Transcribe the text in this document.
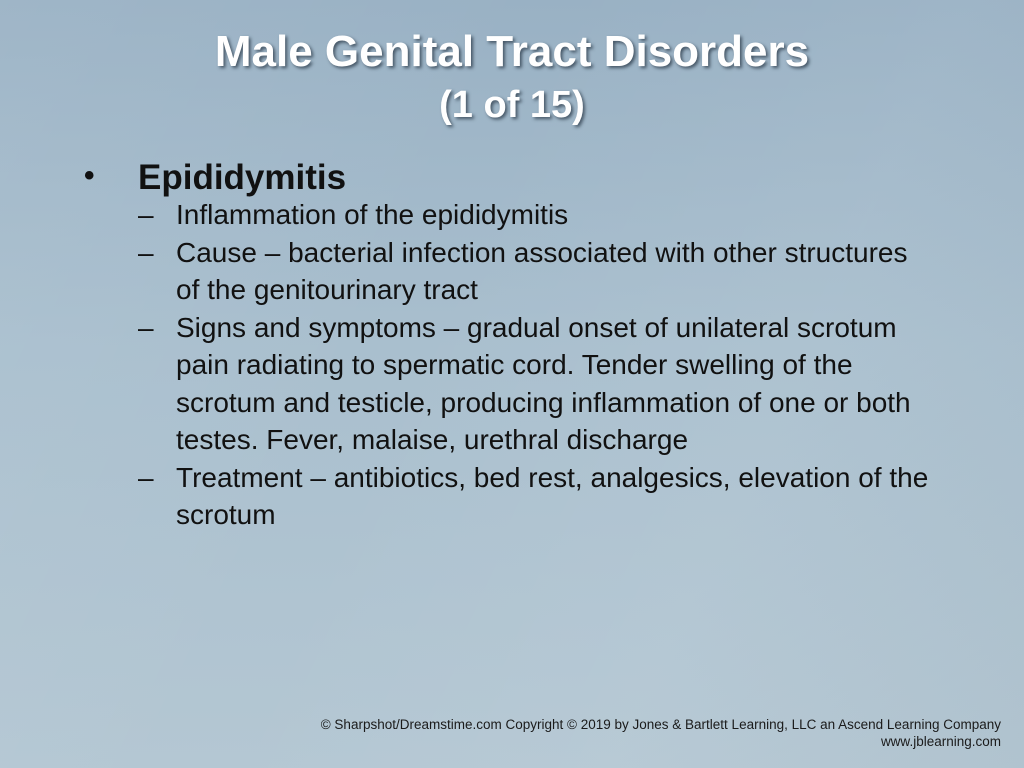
Male Genital Tract Disorders
(1 of 15)
•	Epididymitis
– Inflammation of the epididymitis
– Cause – bacterial infection associated with other structures of the genitourinary tract
– Signs and symptoms – gradual onset of unilateral scrotum pain radiating to spermatic cord. Tender swelling of the scrotum and testicle, producing inflammation of one or both testes. Fever, malaise, urethral discharge
– Treatment – antibiotics, bed rest, analgesics, elevation of the scrotum
© Sharpshot/Dreamstime.com Copyright © 2019 by Jones & Bartlett Learning, LLC an Ascend Learning Company
www.jblearning.com
